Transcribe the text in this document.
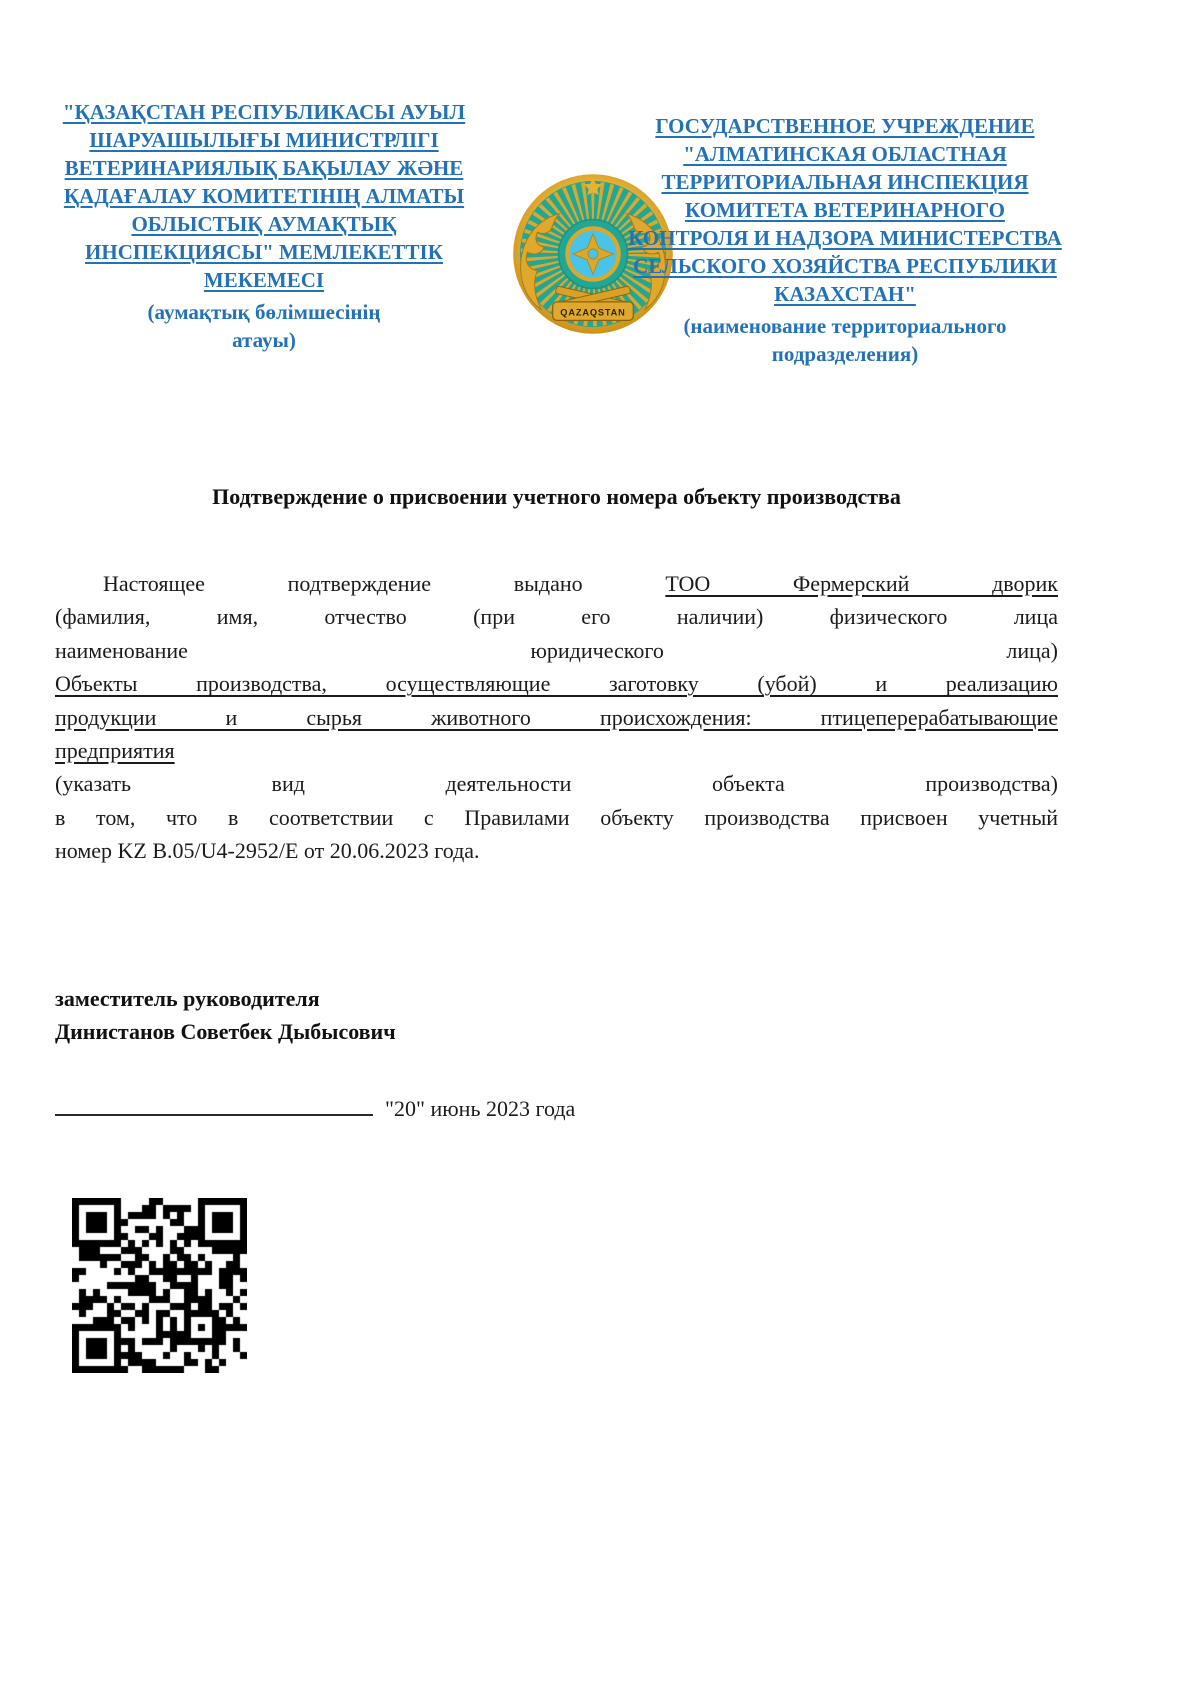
"ҚАЗАҚСТАН РЕСПУБЛИКАСЫ АУЫЛ ШАРУАШЫЛЫҒЫ МИНИСТРЛІГІ ВЕТЕРИНАРИЯЛЫҚ БАҚЫЛАУ ЖӘНЕ ҚАДАҒАЛАУ КОМИТЕТІНІҢ АЛМАТЫ ОБЛЫСТЫҚ АУМАҚТЫҚ ИНСПЕКЦИЯСЫ" МЕМЛЕКЕТТІК МЕКЕМЕСІ
(аумақтық бөлімшесінің атауы)
QAZAQSTAN
ГОСУДАРСТВЕННОЕ УЧРЕЖДЕНИЕ "АЛМАТИНСКАЯ ОБЛАСТНАЯ ТЕРРИТОРИАЛЬНАЯ ИНСПЕКЦИЯ КОМИТЕТА ВЕТЕРИНАРНОГО КОНТРОЛЯ И НАДЗОРА МИНИСТЕРСТВА СЕЛЬСКОГО ХОЗЯЙСТВА РЕСПУБЛИКИ КАЗАХСТАН"
(наименование территориального подразделения)
Подтверждение о присвоении учетного номера объекту производства
Настоящее подтверждение выдано	ТОО Фермерский дворик
(фамилия, имя, отчество (при его наличии) физического лица
наименование юридического лица)
Объекты производства, осуществляющие заготовку (убой) и реализацию
продукции и сырья животного происхождения: птицеперерабатывающие
предприятия
(указать вид деятельности объекта производства)
в том, что в соответствии с Правилами объекту производства присвоен учетный
номер KZ B.05/U4-2952/E от 20.06.2023 года.
заместитель руководителя
Динистанов Советбек Дыбысович
"20" июнь 2023 года
